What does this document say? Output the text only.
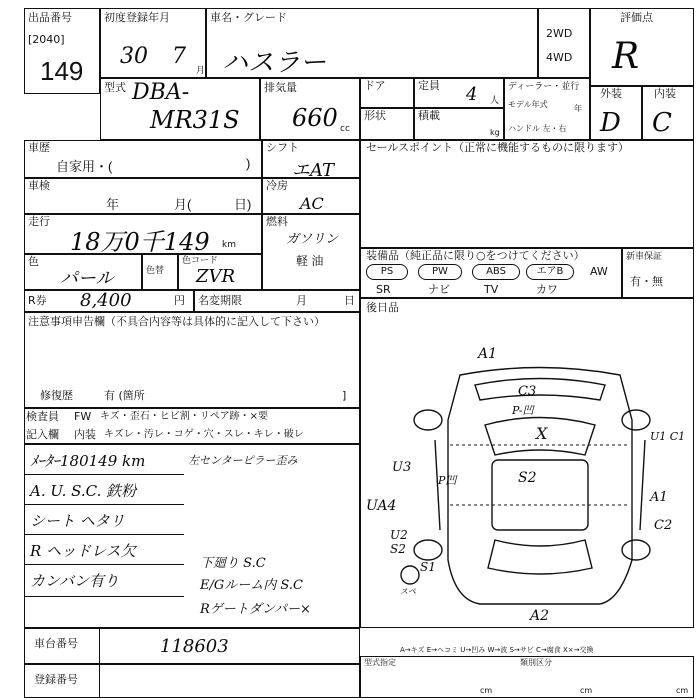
出品番号
[2040]
149
初度登録年月
30 7
月
車名・グレード
ハスラー
2WD
4WD
評価点
R
型式 DBA-
MR31S
排気量
660 cc
ドア	定員 4 人
形状	積載
kg
ディーラー・並行
モデル年式	年
ハンドル 左・右
外装
D
内装
C
車歴
自家用・(	)
シフト
エAT
車検
年	月(	日)
冷房
AC
走行
18万0千149 km
燃料
ガソリン
軽 油
色
パール	色替
色コード
ZVR
R券 8,400	円 名変期限	月	日
注意事項申告欄（不具合内容等は具体的に記入して下さい）
修復歴	有 (箇所	]
セールスポイント（正常に機能するものに限ります）
装備品（純正品に限り○をつけてください）
PS	PW	ABS	エアB	AW
SR	ナビ	TV	カワ
新車保証
有・無
後日品
検査員
記入欄
FW キズ・歪石・ヒビ割・リペア跡・×要
内装 キズレ・汚レ・コゲ・穴・スレ・キレ・破レ
ﾒｰﾀｰ180149 km
A. U. S.C. 鉄粉
シート ヘタリ
R ヘッドレス欠
カンバン有り
左センターピラー歪み
下廻り S.C
E/Gルーム内 S.C
Rゲートダンパー×
A1
C3
P-凹
X
U3
P凹	S2
U1 C1
UA4
A1
U2
C2
S2
S1
スペ
A2
車台番号	118603
登録番号
A→キズ E→ヘコミ U→凹み W→波 S→サビ C→腐食 X×→交換
型式指定	類別区分
cm	cm	cm
